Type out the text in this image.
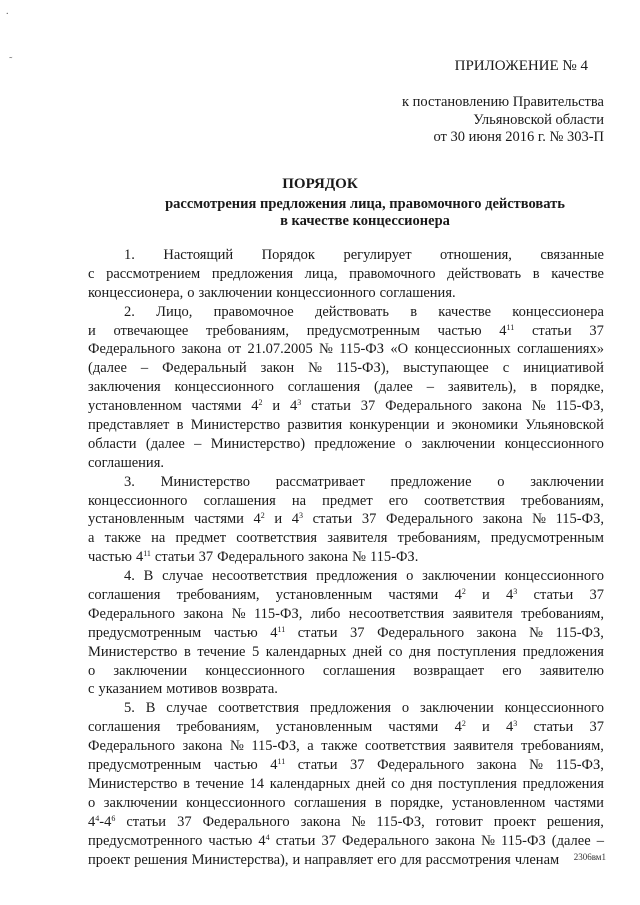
.
˜	ПРИЛОЖЕНИЕ № 4
к постановлению Правительства
Ульяновской области
от 30 июня 2016 г. № 303-П
ПОРЯДОК
рассмотрения предложения лица, правомочного действовать
в качестве концессионера
1. Настоящий Порядок регулирует отношения, связанные
с рассмотрением предложения лица, правомочного действовать в качестве
концессионера, о заключении концессионного соглашения.
2. Лицо, правомочное действовать в качестве концессионера
и отвечающее требованиям, предусмотренным частью $4^{11}$ статьи 37
Федерального закона от 21.07.2005 № 115-ФЗ «О концессионных соглашениях»
(далее – Федеральный закон № 115-ФЗ), выступающее с инициативой
заключения концессионного соглашения (далее – заявитель), в порядке,
установленном частями $4^2$ и $4^3$ статьи 37 Федерального закона № 115-ФЗ,
представляет в Министерство развития конкуренции и экономики Ульяновской
области (далее – Министерство) предложение о заключении концессионного
соглашения.
3. Министерство рассматривает предложение о заключении
концессионного соглашения на предмет его соответствия требованиям,
установленным частями $4^2$ и $4^3$ статьи 37 Федерального закона № 115-ФЗ,
а также на предмет соответствия заявителя требованиям, предусмотренным
частью $4^{11}$ статьи 37 Федерального закона № 115-ФЗ.
4. В случае несоответствия предложения о заключении концессионного
соглашения требованиям, установленным частями $4^2$ и $4^3$ статьи 37
Федерального закона № 115-ФЗ, либо несоответствия заявителя требованиям,
предусмотренным частью $4^{11}$ статьи 37 Федерального закона № 115-ФЗ,
Министерство в течение 5 календарных дней со дня поступления предложения
о заключении концессионного соглашения возвращает его заявителю
с указанием мотивов возврата.
5. В случае соответствия предложения о заключении концессионного
соглашения требованиям, установленным частями $4^2$ и $4^3$ статьи 37
Федерального закона № 115-ФЗ, а также соответствия заявителя требованиям,
предусмотренным частью $4^{11}$ статьи 37 Федерального закона № 115-ФЗ,
Министерство в течение 14 календарных дней со дня поступления предложения
о заключении концессионного соглашения в порядке, установленном частями
$4^4-4^6$ статьи 37 Федерального закона № 115-ФЗ, готовит проект решения,
предусмотренного частью $4^4$ статьи 37 Федерального закона № 115-ФЗ (далее –
проект решения Министерства), и направляет его для рассмотрения членам 2306вм1
